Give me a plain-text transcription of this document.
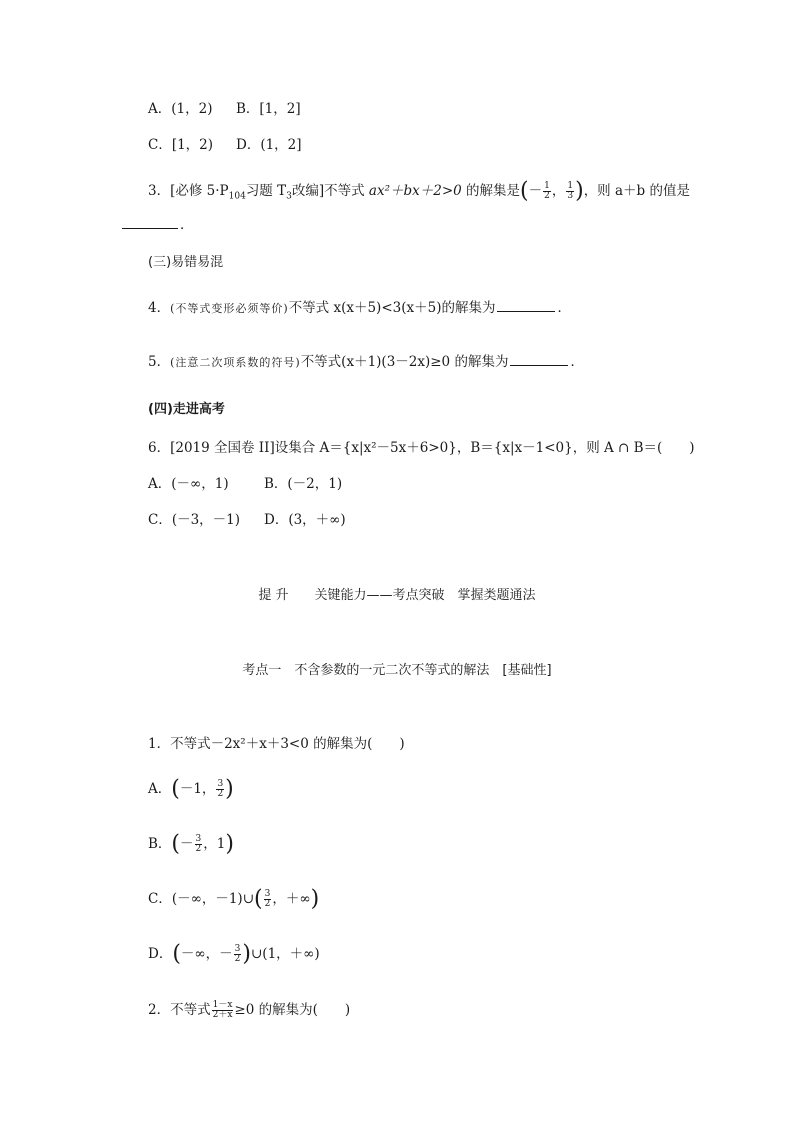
A．(1，2) B．[1，2]
C．[1，2) D．(1，2]
3．[必修 $5\cdot P_{104}$习题 $T_3$改编]不等式 ax²＋bx＋2>0 的解集是(－ $\frac{1}{2}$ ， $\frac{1}{3}$ )，则 a＋b 的值是
．
(三)易错易混
4．(不等式变形必须等价)不等式 x(x＋5)<3(x＋5)的解集为	．
5．(注意二次项系数的符号)不等式(x＋1)(3－2x)≥0 的解集为	．
(四)走进高考
6．[2019 全国卷 II]设集合 A＝{x|x²－5x＋6>0}，B＝{x|x－1<0}，则 A ∩ B＝(　　)
A．(－∞，1)	B．(－2，1)
C．(－3，－1) D．(3，＋∞)
提 升　　关键能力——考点突破　掌握类题通法
考点一　不含参数的一元二次不等式的解法　[基础性]
1．不等式－2x²＋x＋3<0 的解集为(　　)
A．(－1， $\frac{3}{2}$ )
B．(－ $\frac{3}{2}$ ，1)
C．(－∞，－1)∪( $\frac{3}{2}$ ，＋∞)
D．(－∞，－ $\frac{3}{2}$ )∪(1，＋∞)
2．不等式 $\frac{1-x}{2+x} \ge 0$ 的解集为(　　)
